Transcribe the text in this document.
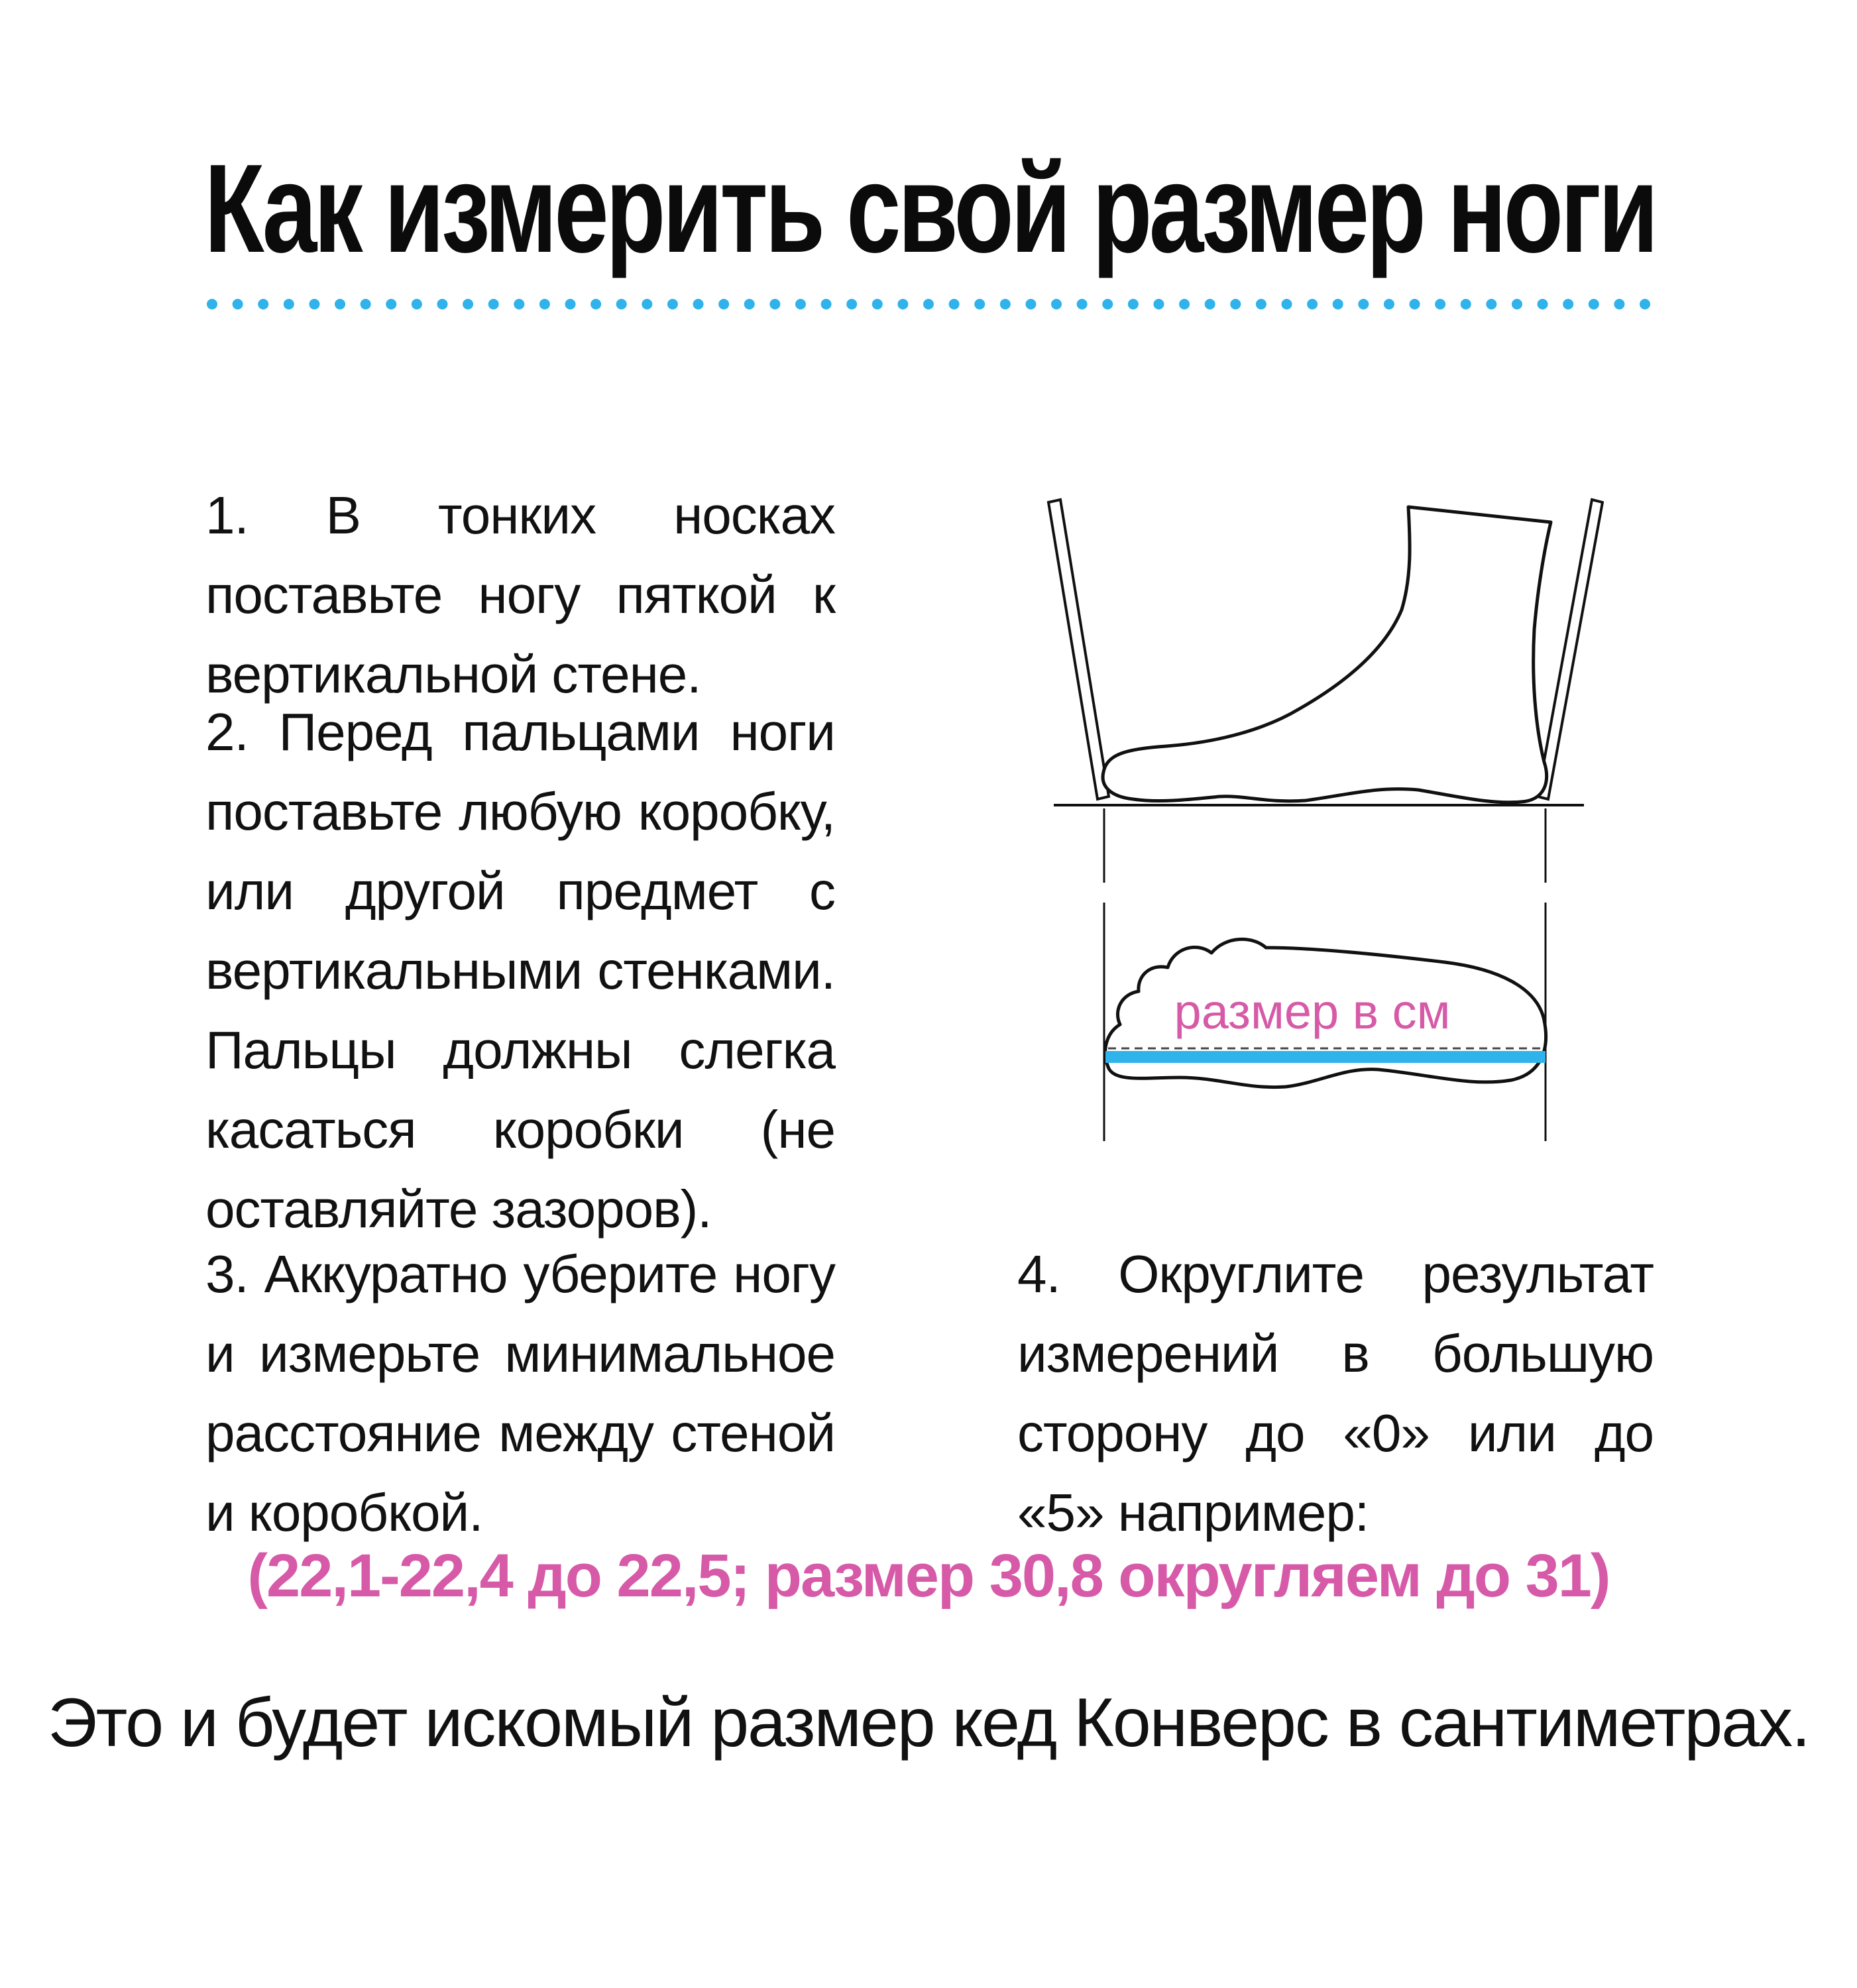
Как измерить свой размер ноги
1. В тонких носках поставьте ногу пяткой к вертикальной стене.
2. Перед пальцами ноги поставьте любую коробку, или другой предмет с вертикальными стенками. Пальцы должны слегка касаться коробки (не оставляйте зазоров).
размер в см
3. Аккуратно уберите ногу и измерьте минимальное расстояние между стеной и коробкой.
4. Округлите результат измерений в большую сторону до «0» или до «5» например:
(22,1-22,4 до 22,5; размер 30,8 округляем до 31)
Это и будет искомый размер кед Конверс в сантиметрах.
